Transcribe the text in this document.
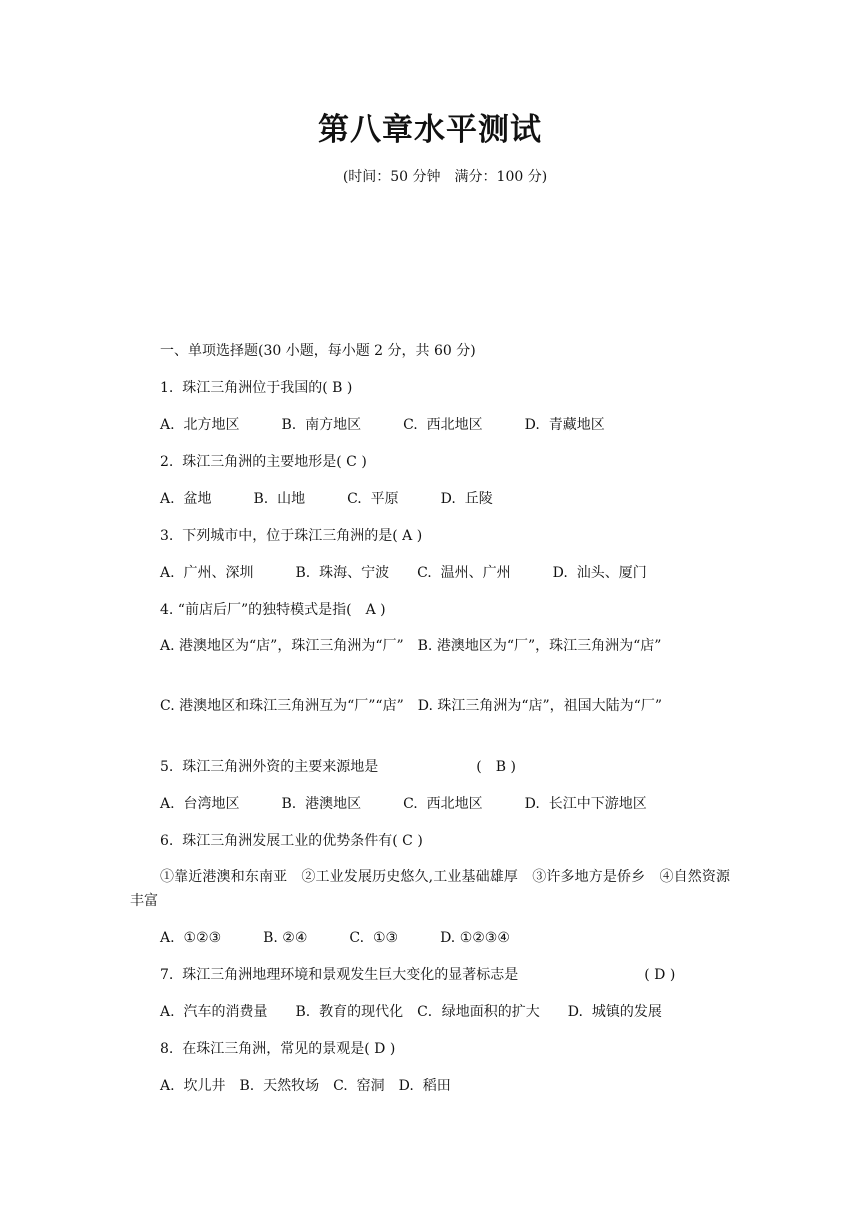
第八章水平测试

(时间：50 分钟　满分：100 分)

一、单项选择题(30 小题，每小题 2 分，共 60 分)

1.  珠江三角洲位于我国的( B )

A.  北方地区　　　B.  南方地区　　　C.  西北地区　　　D.  青藏地区

2.  珠江三角洲的主要地形是( C )

A.  盆地　　　B.  山地　　　C.  平原　　　D.  丘陵

3.  下列城市中，位于珠江三角洲的是( A )

A.  广州、深圳　　　B.  珠海、宁波　　C.  温州、广州　　　D.  汕头、厦门

4. “前店后厂”的独特模式是指(　A )

A. 港澳地区为“店”，珠江三角洲为“厂”　B. 港澳地区为“厂”，珠江三角洲为“店”

C. 港澳地区和珠江三角洲互为“厂”“店”　D. 珠江三角洲为“店”，祖国大陆为“厂”

5.  珠江三角洲外资的主要来源地是　　　　　　　(　B )

A.  台湾地区　　　B.  港澳地区　　　C.  西北地区　　　D.  长江中下游地区

6.  珠江三角洲发展工业的优势条件有( C )

①靠近港澳和东南亚　②工业发展历史悠久,工业基础雄厚　③许多地方是侨乡　④自然资源丰富

A.  ①②③　　　B. ②④　　　C.  ①③　　　D. ①②③④

7.  珠江三角洲地理环境和景观发生巨大变化的显著标志是　　　　　　　　　( D )

A.  汽车的消费量　　B.  教育的现代化　C．绿地面积的扩大　　D.  城镇的发展

8.  在珠江三角洲，常见的景观是( D )

A.  坎儿井　B.  天然牧场　C.  窑洞　D.  稻田
